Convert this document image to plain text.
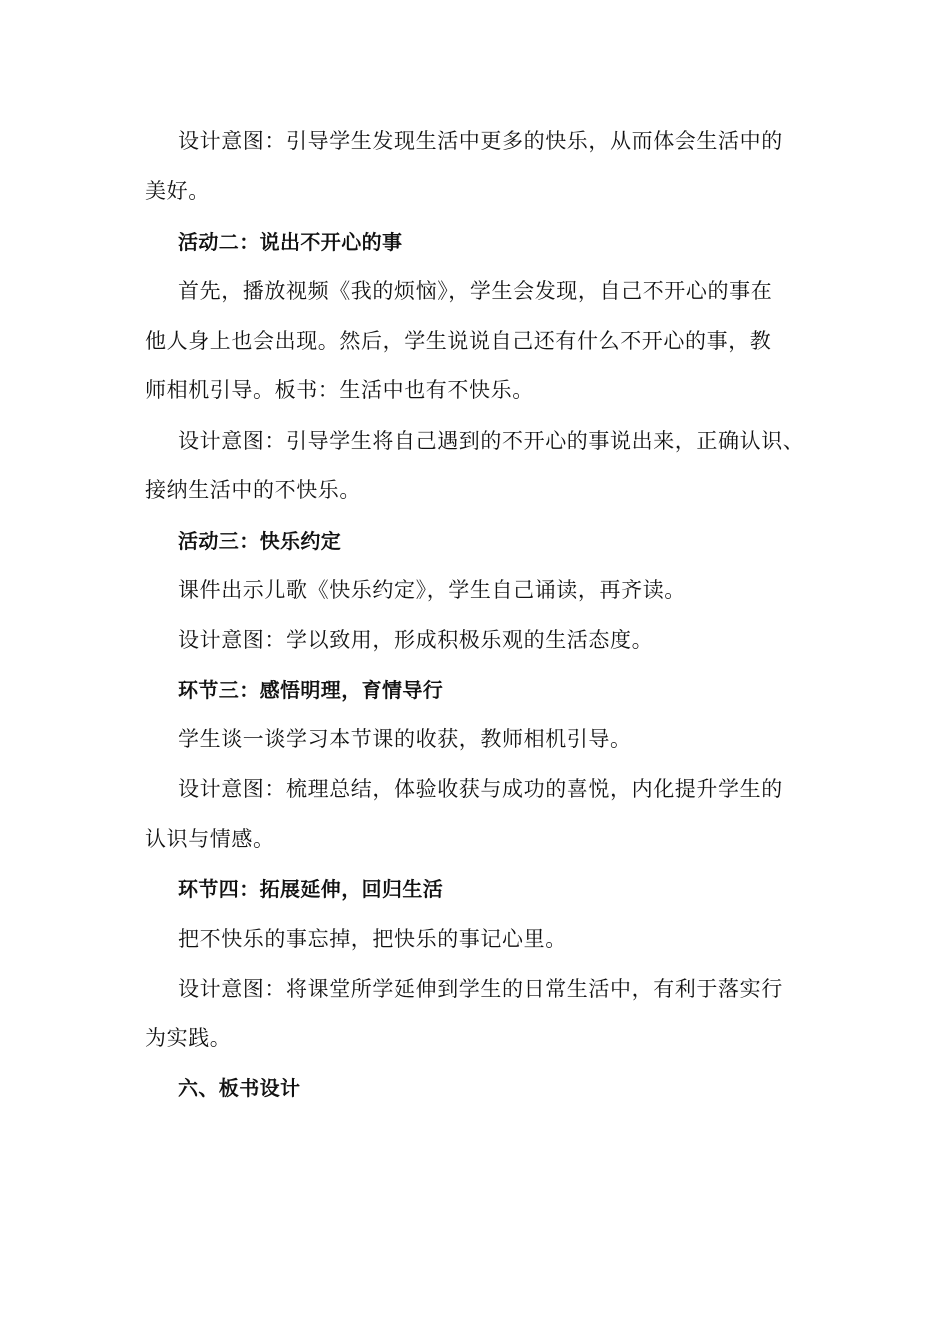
设计意图：引导学生发现生活中更多的快乐，从而体会生活中的

美好。

活动二：说出不开心的事

首先，播放视频《我的烦恼》，学生会发现，自己不开心的事在

他人身上也会出现。然后，学生说说自己还有什么不开心的事，教

师相机引导。板书：生活中也有不快乐。

设计意图：引导学生将自己遇到的不开心的事说出来，正确认识、

接纳生活中的不快乐。

活动三：快乐约定

课件出示儿歌《快乐约定》，学生自己诵读，再齐读。

设计意图：学以致用，形成积极乐观的生活态度。

环节三：感悟明理，育情导行

学生谈一谈学习本节课的收获，教师相机引导。

设计意图：梳理总结，体验收获与成功的喜悦，内化提升学生的

认识与情感。

环节四：拓展延伸，回归生活

把不快乐的事忘掉，把快乐的事记心里。

设计意图：将课堂所学延伸到学生的日常生活中，有利于落实行

为实践。

六、板书设计
